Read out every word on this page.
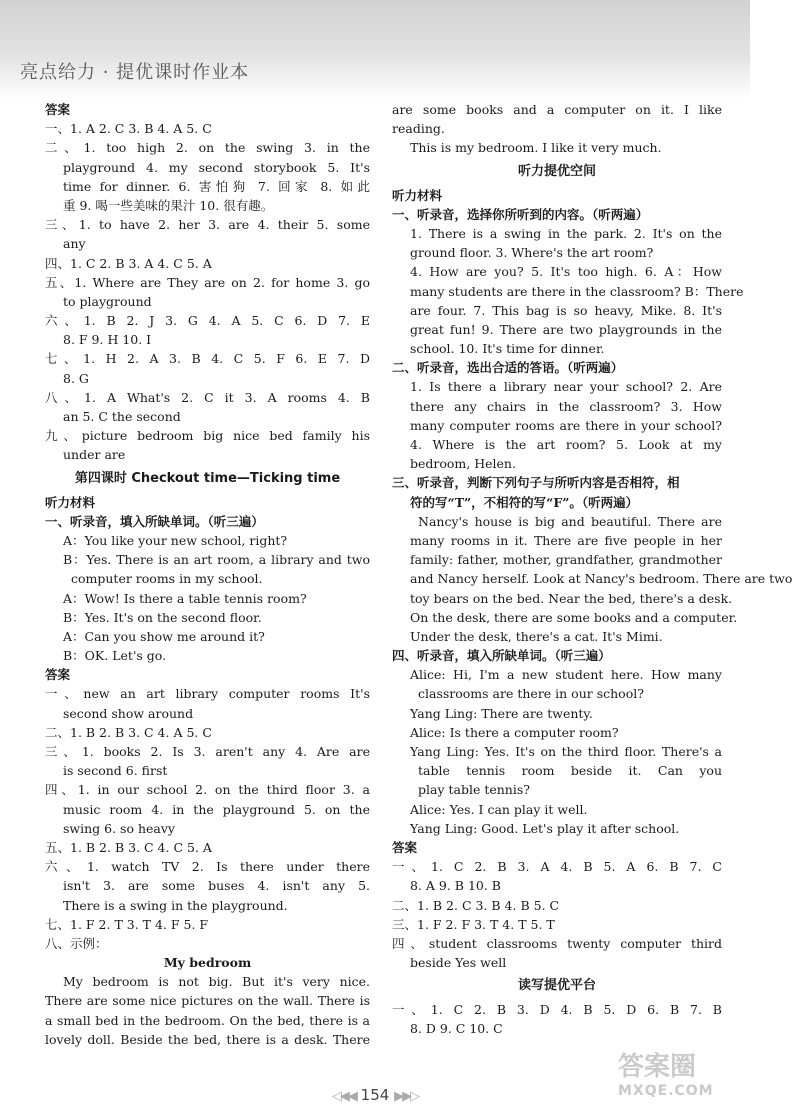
亮点给力 · 提优课时作业本
答案
一、1. A 2. C 3. B 4. A 5. C
二、1. too high 2. on the swing 3. in the
playground 4. my second storybook 5. It's
time for dinner. 6. 害怕狗 7. 回家 8. 如此
重 9. 喝一些美味的果汁 10. 很有趣。
三、1. to have 2. her 3. are 4. their 5. some
any
四、1. C 2. B 3. A 4. C 5. A
五、1. Where are They are on 2. for home 3. go
to playground
六、1. B 2. J 3. G 4. A 5. C 6. D 7. E
8. F 9. H 10. I
七、1. H 2. A 3. B 4. C 5. F 6. E 7. D
8. G
八、1. A What's 2. C it 3. A rooms 4. B
an 5. C the second
九、picture bedroom big nice bed family his
under are
第四课时 Checkout time—Ticking time
听力材料
一、听录音，填入所缺单词。（听三遍）
A：You like your new school, right?
B：Yes. There is an art room, a library and two
computer rooms in my school.
A：Wow! Is there a table tennis room?
B：Yes. It's on the second floor.
A：Can you show me around it?
B：OK. Let's go.
答案
一、new an art library computer rooms It's
second show around
二、1. B 2. B 3. C 4. A 5. C
三、1. books 2. Is 3. aren't any 4. Are are
is second 6. first
四、1. in our school 2. on the third floor 3. a
music room 4. in the playground 5. on the
swing 6. so heavy
五、1. B 2. B 3. C 4. C 5. A
六、1. watch TV 2. Is there under there
isn't 3. are some buses 4. isn't any 5.
There is a swing in the playground.
七、1. F 2. T 3. T 4. F 5. F
八、示例：
My bedroom
My bedroom is not big. But it's very nice.
There are some nice pictures on the wall. There is
a small bed in the bedroom. On the bed, there is a
lovely doll. Beside the bed, there is a desk. There
are some books and a computer on it. I like
reading.
This is my bedroom. I like it very much.
听力提优空间
听力材料
一、听录音，选择你所听到的内容。（听两遍）
1. There is a swing in the park. 2. It's on the
ground floor. 3. Where's the art room?
4. How are you? 5. It's too high. 6. A：How
many students are there in the classroom? B：There
are four. 7. This bag is so heavy, Mike. 8. It's
great fun! 9. There are two playgrounds in the
school. 10. It's time for dinner.
二、听录音，选出合适的答语。（听两遍）
1. Is there a library near your school? 2. Are
there any chairs in the classroom? 3. How
many computer rooms are there in your school?
4. Where is the art room? 5. Look at my
bedroom, Helen.
三、听录音，判断下列句子与所听内容是否相符，相
符的写“T”，不相符的写“F”。（听两遍）
Nancy's house is big and beautiful. There are
many rooms in it. There are five people in her
family: father, mother, grandfather, grandmother
and Nancy herself. Look at Nancy's bedroom. There are two
toy bears on the bed. Near the bed, there's a desk.
On the desk, there are some books and a computer.
Under the desk, there's a cat. It's Mimi.
四、听录音，填入所缺单词。（听三遍）
Alice: Hi, I'm a new student here. How many
classrooms are there in our school?
Yang Ling: There are twenty.
Alice: Is there a computer room?
Yang Ling: Yes. It's on the third floor. There's a
table tennis room beside it. Can you
play table tennis?
Alice: Yes. I can play it well.
Yang Ling: Good. Let's play it after school.
答案
一、1. C 2. B 3. A 4. B 5. A 6. B 7. C
8. A 9. B 10. B
二、1. B 2. C 3. B 4. B 5. C
三、1. F 2. F 3. T 4. T 5. T
四、student classrooms twenty computer third
beside Yes well
读写提优平台
一、1. C 2. B 3. D 4. B 5. D 6. B 7. B
8. D 9. C 10. C
◁◀◀ 154 ▶▶▷
答案圈
MXQE.COM
